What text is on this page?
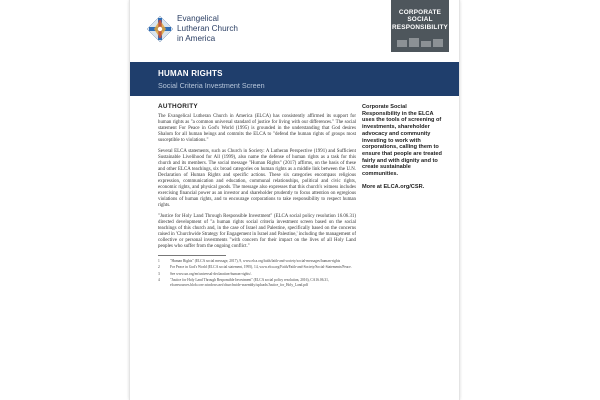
Evangelical
Lutheran Church
in America
CORPORATE
SOCIAL
RESPONSIBILITY
HUMAN RIGHTS
Social Criteria Investment Screen
AUTHORITY

The Evangelical Lutheran Church in America (ELCA) has consistently affirmed its support for human rights as "a common universal standard of justice for living with our differences." The social statement For Peace in God's World (1995) is grounded in the understanding that God desires Shalom for all human beings and commits the ELCA to "defend the human rights of groups most susceptible to violations."

Several ELCA statements, such as Church in Society: A Lutheran Perspective (1991) and Sufficient Sustainable Livelihood for All (1999), also name the defense of human rights as a task for this church and its members. The social message "Human Rights" (2017) affirms, on the basis of these and other ELCA teachings, six broad categories on human rights as a middle link between the U.N. Declaration of Human Rights and specific actions. These six categories encompass religious expression, communication and education, communal relationships, political and civic rights, economic rights, and physical goods. The message also expresses that this church's witness includes exercising financial power as an investor and shareholder prudently to focus attention on egregious violations of human rights, and to encourage corporations to take responsibility to respect human rights.

"Justice for Holy Land Through Responsible Investment" (ELCA social policy resolution 16.06.31) directed development of "a human rights social criteria investment screen based on the social teachings of this church and, in the case of Israel and Palestine, specifically based on the concerns raised in 'Churchwide Strategy for Engagement in Israel and Palestine,' including the management of collective or personal investments "with concern for their impact on the lives of all Holy Land peoples who suffer from the ongoing conflict."

1	"Human Rights" (ELCA social message, 2017), 9, www.elca.org/faith/faith-and-society/social-messages/human-rights
2	For Peace in God's World (ELCA social statement, 1995), 14, www.elca.org/Faith/Faith-and-Society/Social-Statements/Peace.
3	See www.un.org/en/universal-declaration-human-rights/.
4	"Justice for Holy Land Through Responsible Investment" (ELCA social policy resolution, 2016), CA16.06.31, elcaresources.blob.core.windows.net/churchwide-assembly/uploads/Justice_for_Holy_Land.pdf

Corporate Social Responsibility in the ELCA uses the tools of screening of investments, shareholder advocacy and community investing to work with corporations, calling them to ensure that people are treated fairly and with dignity and to create sustainable communities.

More at ELCA.org/CSR.
